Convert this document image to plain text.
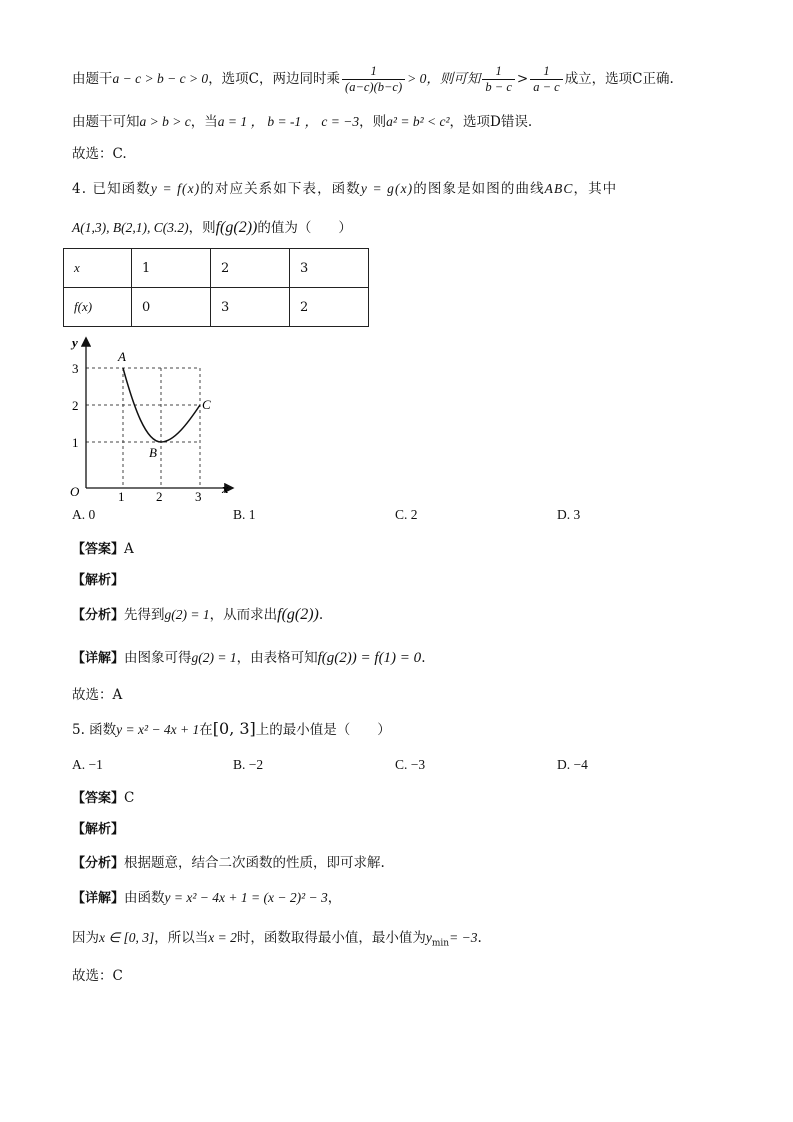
由题干a − c > b − c > 0，选项C，两边同时乘 $\frac{1}{(a-c)(b-c)} > 0$，则可知 $\frac{1}{b - c} > \frac{1}{a - c}$ 成立，选项C正确.
由题干可知a > b > c，当a = 1 ， b = -1 ， c = −3，则a² = b² < c²，选项D错误.
故选：C.
4. 已知函数y = f(x)的对应关系如下表，函数y = g(x)的图象是如图的曲线ABC，其中
A(1,3), B(2,1), C(3.2)，则f(g(2))的值为（　　）
x	1	2	3
f(x)	0	3	2
y
x
O	1 2	3
1
2
3
A
B
C
A. 0	B. 1	C. 2	D. 3
【答案】A
【解析】
【分析】先得到g(2) = 1，从而求出f(g(2)).
【详解】由图象可得g(2) = 1，由表格可知f(g(2)) = f(1) = 0.
故选：A
5. 函数y = x² − 4x + 1在[0, 3]上的最小值是（　　）
A. −1	B. −2	C. −3	D. −4
【答案】C
【解析】
【分析】根据题意，结合二次函数的性质，即可求解.
【详解】由函数y = x² − 4x + 1 = (x − 2)² − 3，
因为x ∈ [0, 3]，所以当x = 2时，函数取得最小值，最小值为$y_{min}= -3$.
故选：C
